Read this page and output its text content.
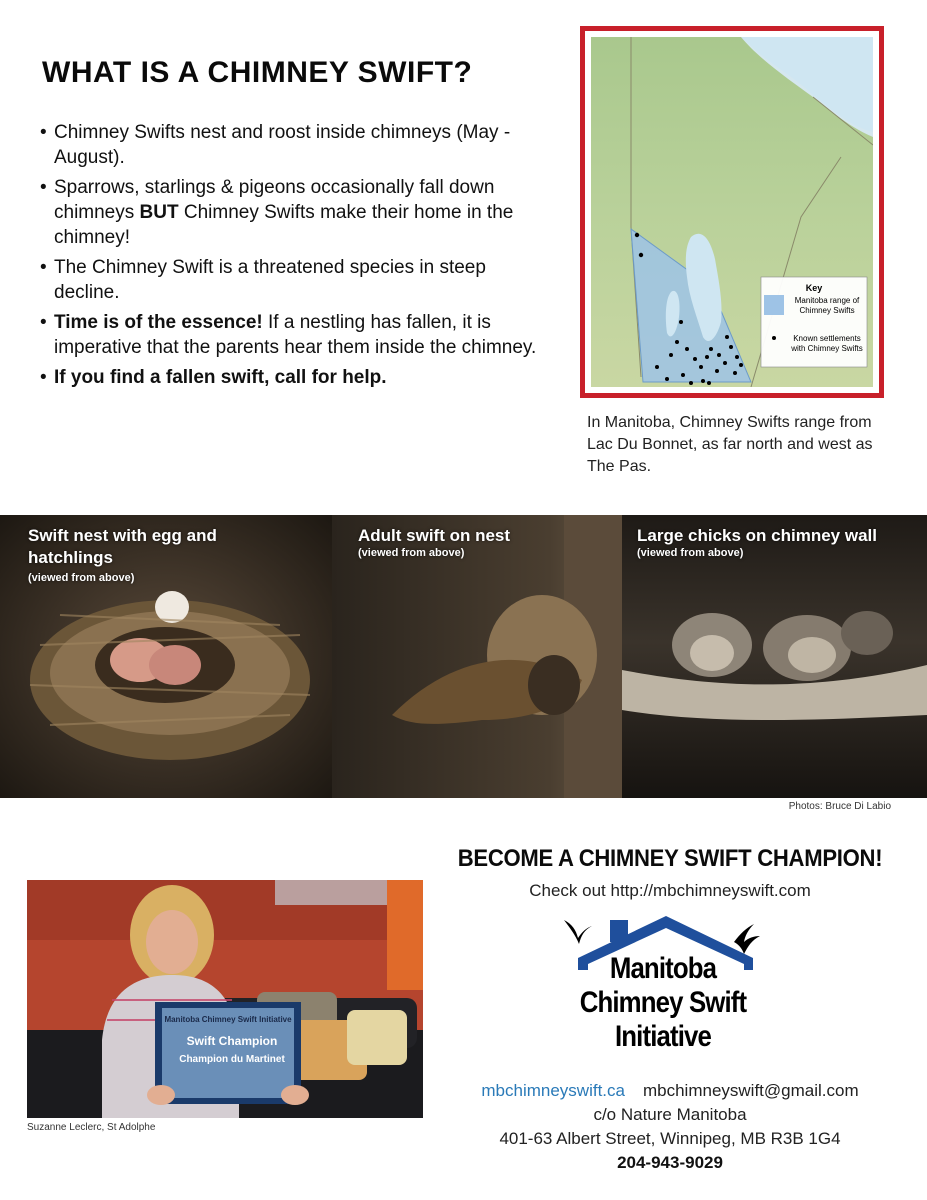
WHAT IS A CHIMNEY SWIFT?
• Chimney Swifts nest and roost inside chimneys (May - August).
• Sparrows, starlings & pigeons occasionally fall down chimneys BUT Chimney Swifts make their home in the chimney!
• The Chimney Swift is a threatened species in steep decline.
• Time is of the essence! If a nestling has fallen, it is imperative that the parents hear them inside the chimney.
• If you find a fallen swift, call for help.
Key
Manitoba range of
Chimney Swifts
Known settlements
with Chimney Swifts
In Manitoba, Chimney Swifts range from Lac Du Bonnet, as far north and west as The Pas.
Swift nest with egg and
hatchlings
(viewed from above)
Adult swift on nest
(viewed from above)
Large chicks on chimney wall
(viewed from above)
Photos: Bruce Di Labio
BECOME A CHIMNEY SWIFT CHAMPION!
Check out http://mbchimneyswift.com
Manitoba Chimney Swift Initiative
Swift Champion
Champion du Martinet
Suzanne Leclerc, St Adolphe
Manitoba
Chimney Swift
Initiative
mbchimneyswift.ca mbchimneyswift@gmail.com
c/o Nature Manitoba
401-63 Albert Street, Winnipeg, MB R3B 1G4
204-943-9029
